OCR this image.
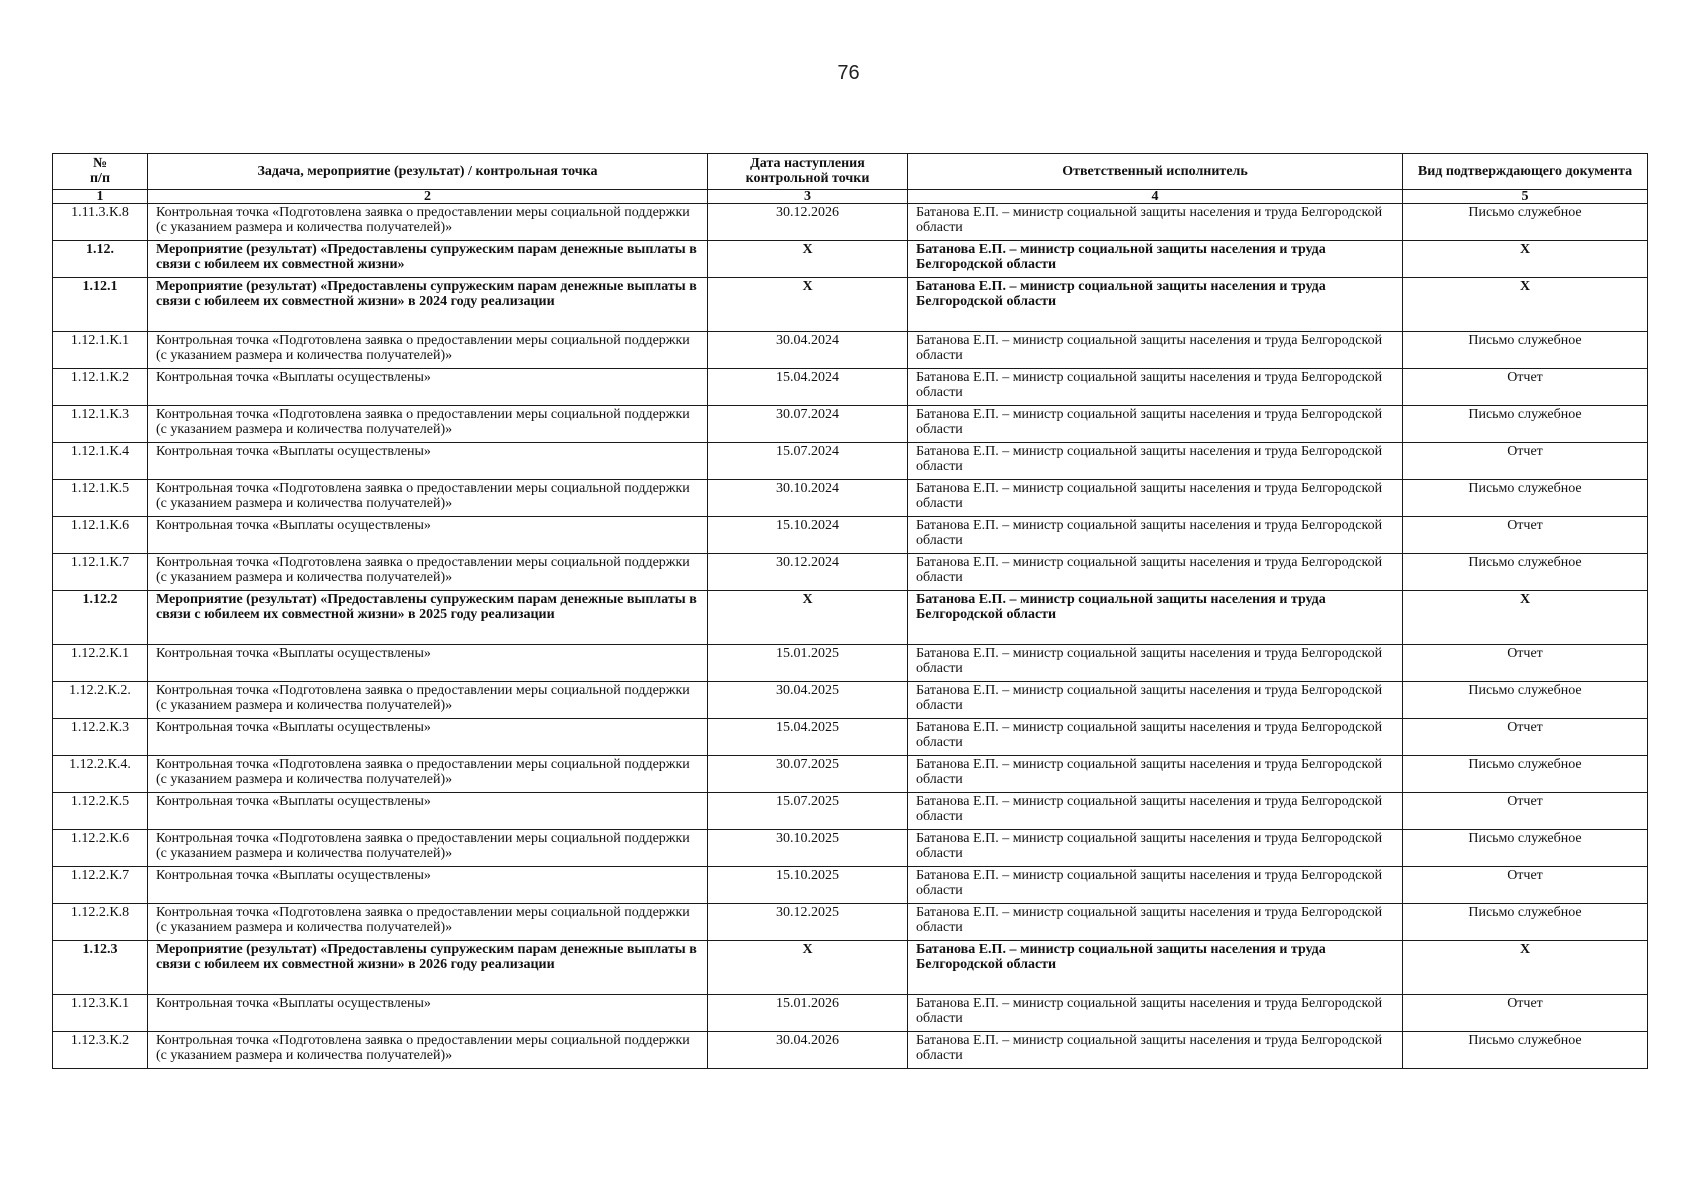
76
№
п/п	Задача, мероприятие (результат) / контрольная точка	Дата наступления контрольной точки	Ответственный исполнитель	Вид подтверждающего документа
1	2	3	4	5
1.11.3.К.8	Контрольная точка «Подготовлена заявка о предоставлении меры социальной поддержки (с указанием размера и количества получателей)»	30.12.2026	Батанова Е.П. – министр социальной защиты населения и труда Белгородской области	Письмо служебное
1.12.	Мероприятие (результат) «Предоставлены супружеским парам денежные выплаты в связи с юбилеем их совместной жизни»	X	Батанова Е.П. – министр социальной защиты населения и труда Белгородской области	X
1.12.1	Мероприятие (результат) «Предоставлены супружеским парам денежные выплаты в связи с юбилеем их совместной жизни» в 2024 году реализации	X	Батанова Е.П. – министр социальной защиты населения и труда Белгородской области	X
1.12.1.К.1	Контрольная точка «Подготовлена заявка о предоставлении меры социальной поддержки (с указанием размера и количества получателей)»	30.04.2024	Батанова Е.П. – министр социальной защиты населения и труда Белгородской области	Письмо служебное
1.12.1.К.2	Контрольная точка «Выплаты осуществлены»	15.04.2024	Батанова Е.П. – министр социальной защиты населения и труда Белгородской области	Отчет
1.12.1.К.3	Контрольная точка «Подготовлена заявка о предоставлении меры социальной поддержки (с указанием размера и количества получателей)»	30.07.2024	Батанова Е.П. – министр социальной защиты населения и труда Белгородской области	Письмо служебное
1.12.1.К.4	Контрольная точка «Выплаты осуществлены»	15.07.2024	Батанова Е.П. – министр социальной защиты населения и труда Белгородской области	Отчет
1.12.1.К.5	Контрольная точка «Подготовлена заявка о предоставлении меры социальной поддержки (с указанием размера и количества получателей)»	30.10.2024	Батанова Е.П. – министр социальной защиты населения и труда Белгородской области	Письмо служебное
1.12.1.К.6	Контрольная точка «Выплаты осуществлены»	15.10.2024	Батанова Е.П. – министр социальной защиты населения и труда Белгородской области	Отчет
1.12.1.К.7	Контрольная точка «Подготовлена заявка о предоставлении меры социальной поддержки (с указанием размера и количества получателей)»	30.12.2024	Батанова Е.П. – министр социальной защиты населения и труда Белгородской области	Письмо служебное
1.12.2	Мероприятие (результат) «Предоставлены супружеским парам денежные выплаты в связи с юбилеем их совместной жизни» в 2025 году реализации	X	Батанова Е.П. – министр социальной защиты населения и труда Белгородской области	X
1.12.2.К.1	Контрольная точка «Выплаты осуществлены»	15.01.2025	Батанова Е.П. – министр социальной защиты населения и труда Белгородской области	Отчет
1.12.2.К.2.	Контрольная точка «Подготовлена заявка о предоставлении меры социальной поддержки (с указанием размера и количества получателей)»	30.04.2025	Батанова Е.П. – министр социальной защиты населения и труда Белгородской области	Письмо служебное
1.12.2.К.3	Контрольная точка «Выплаты осуществлены»	15.04.2025	Батанова Е.П. – министр социальной защиты населения и труда Белгородской области	Отчет
1.12.2.К.4.	Контрольная точка «Подготовлена заявка о предоставлении меры социальной поддержки (с указанием размера и количества получателей)»	30.07.2025	Батанова Е.П. – министр социальной защиты населения и труда Белгородской области	Письмо служебное
1.12.2.К.5	Контрольная точка «Выплаты осуществлены»	15.07.2025	Батанова Е.П. – министр социальной защиты населения и труда Белгородской области	Отчет
1.12.2.К.6	Контрольная точка «Подготовлена заявка о предоставлении меры социальной поддержки (с указанием размера и количества получателей)»	30.10.2025	Батанова Е.П. – министр социальной защиты населения и труда Белгородской области	Письмо служебное
1.12.2.К.7	Контрольная точка «Выплаты осуществлены»	15.10.2025	Батанова Е.П. – министр социальной защиты населения и труда Белгородской области	Отчет
1.12.2.К.8	Контрольная точка «Подготовлена заявка о предоставлении меры социальной поддержки (с указанием размера и количества получателей)»	30.12.2025	Батанова Е.П. – министр социальной защиты населения и труда Белгородской области	Письмо служебное
1.12.3	Мероприятие (результат) «Предоставлены супружеским парам денежные выплаты в связи с юбилеем их совместной жизни» в 2026 году реализации	X	Батанова Е.П. – министр социальной защиты населения и труда Белгородской области	X
1.12.3.К.1	Контрольная точка «Выплаты осуществлены»	15.01.2026	Батанова Е.П. – министр социальной защиты населения и труда Белгородской области	Отчет
1.12.3.К.2	Контрольная точка «Подготовлена заявка о предоставлении меры социальной поддержки (с указанием размера и количества получателей)»	30.04.2026	Батанова Е.П. – министр социальной защиты населения и труда Белгородской области	Письмо служебное
